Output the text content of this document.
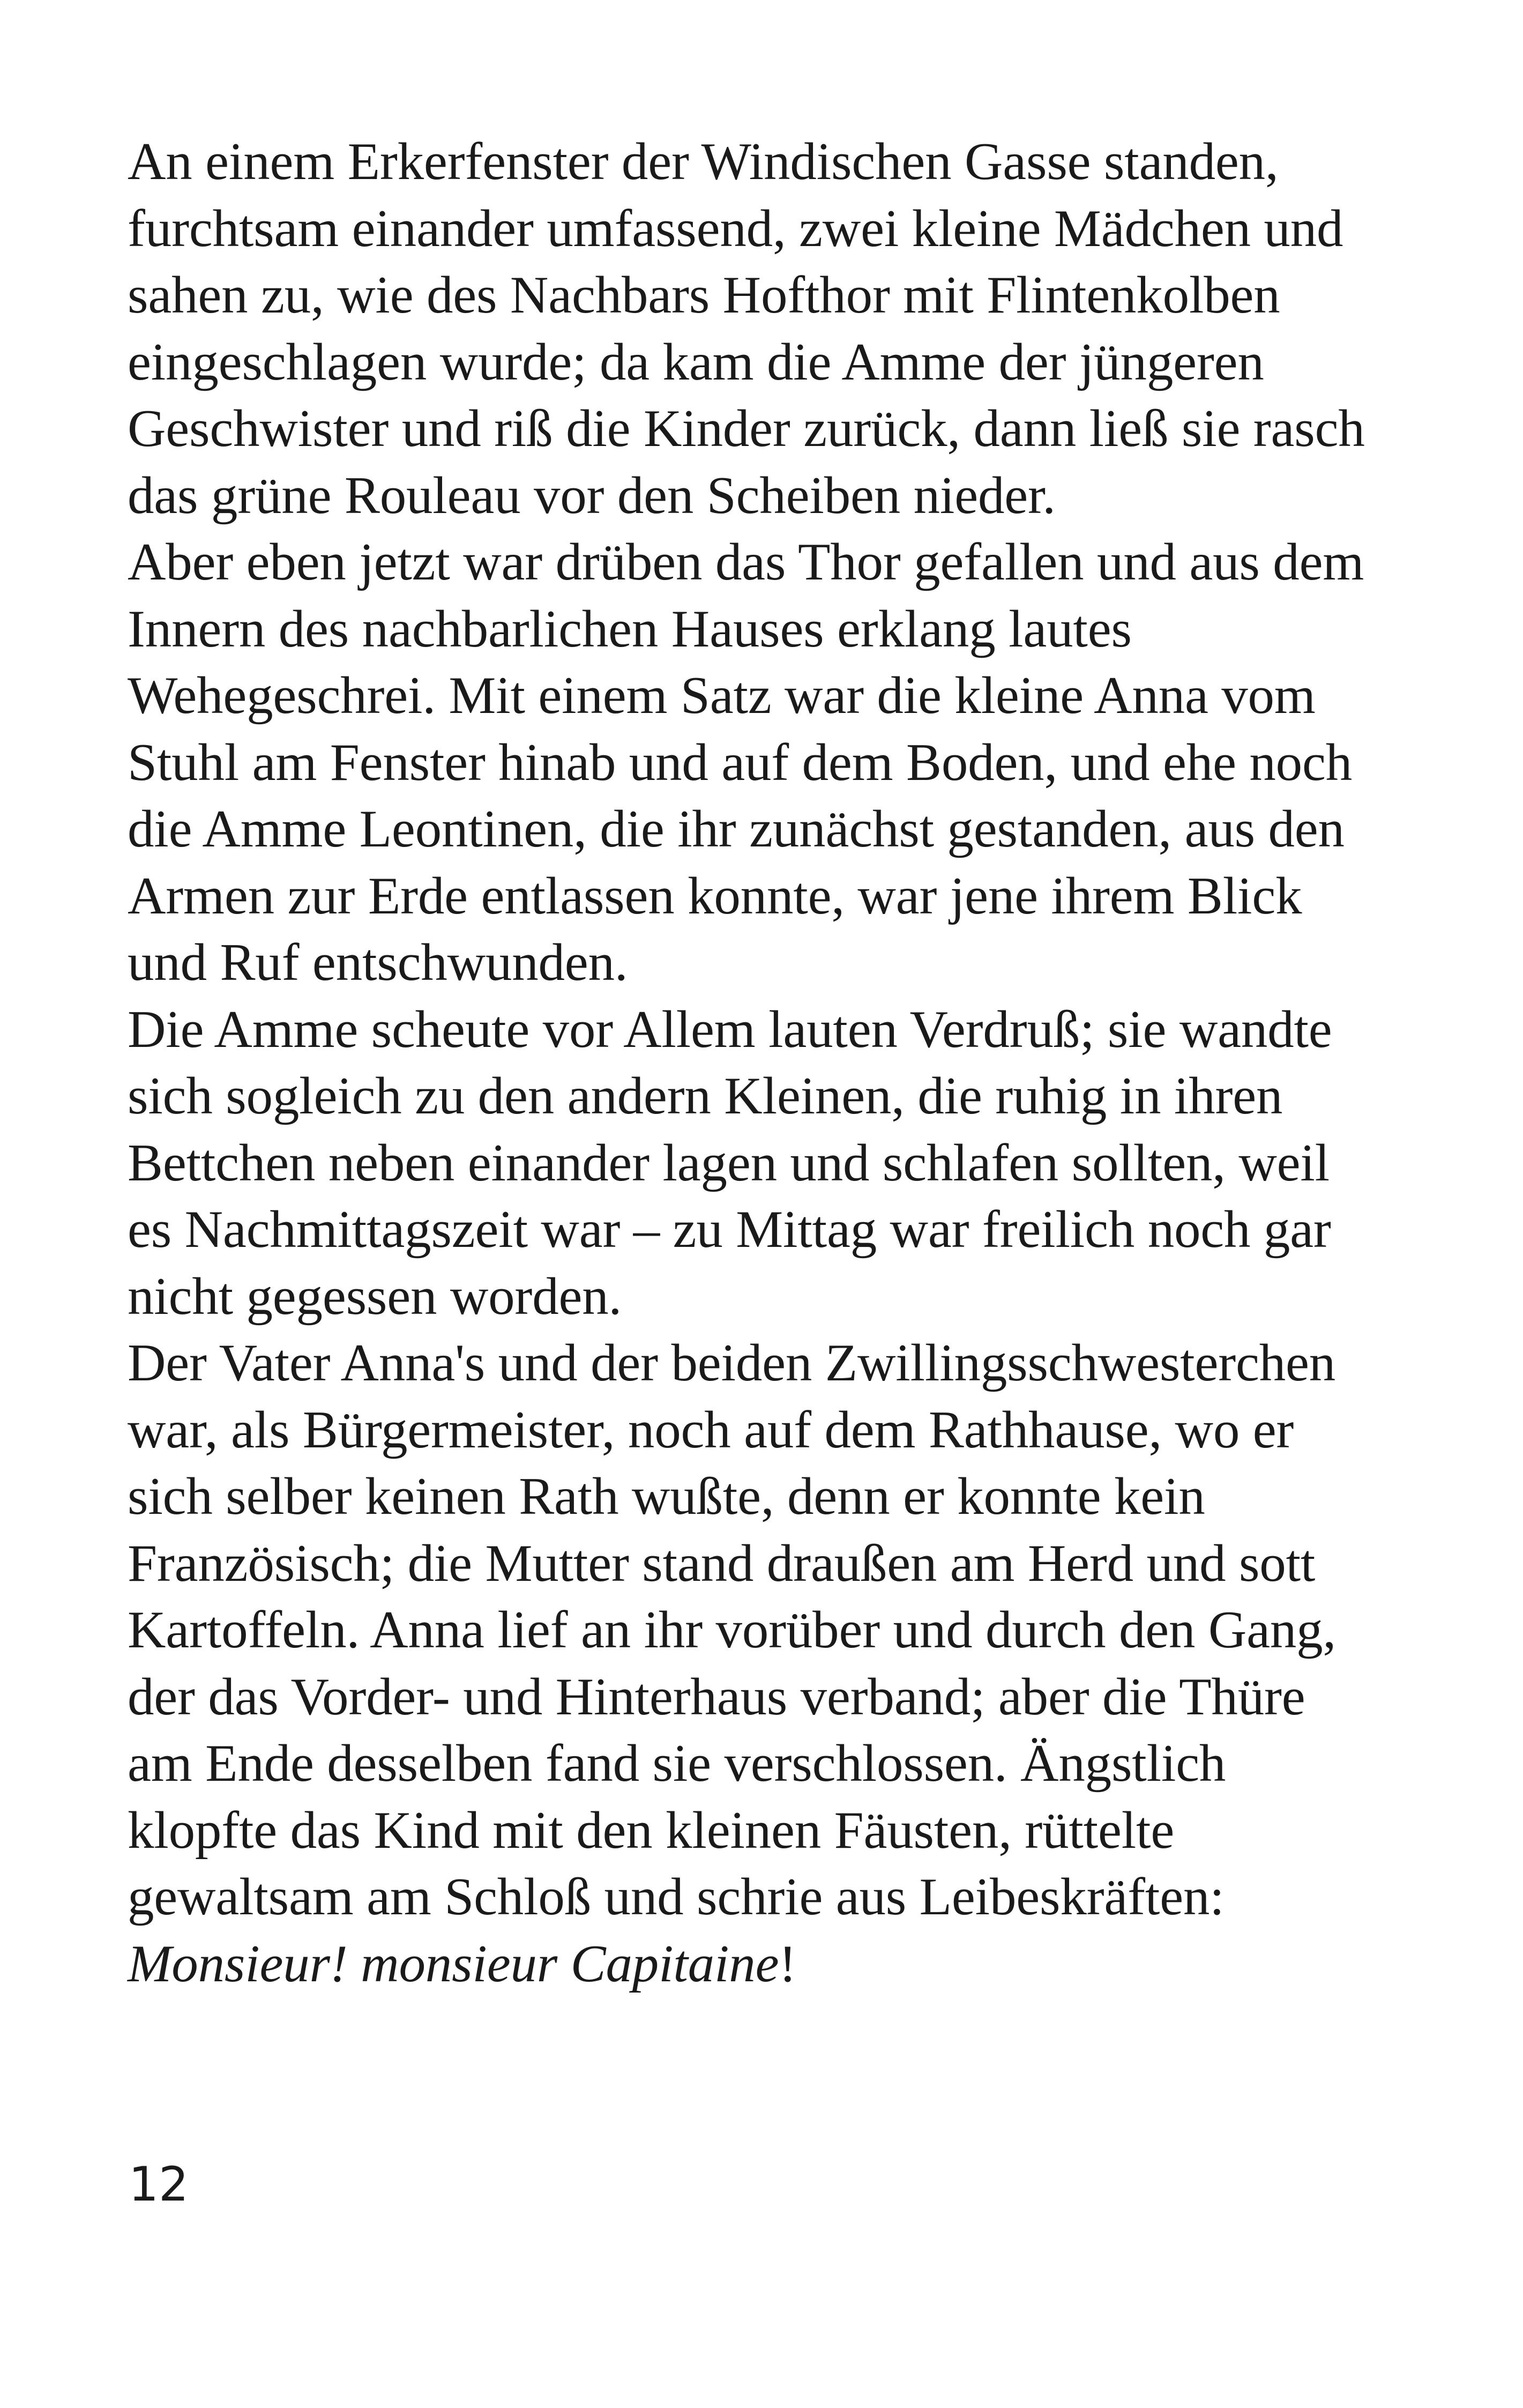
An einem Erkerfenster der Windischen Gasse standen,
furchtsam einander umfassend, zwei kleine Mädchen und
sahen zu, wie des Nachbars Hofthor mit Flintenkolben
eingeschlagen wurde; da kam die Amme der jüngeren
Geschwister und riß die Kinder zurück, dann ließ sie rasch
das grüne Rouleau vor den Scheiben nieder.
Aber eben jetzt war drüben das Thor gefallen und aus dem
Innern des nachbarlichen Hauses erklang lautes
Wehegeschrei. Mit einem Satz war die kleine Anna vom
Stuhl am Fenster hinab und auf dem Boden, und ehe noch
die Amme Leontinen, die ihr zunächst gestanden, aus den
Armen zur Erde entlassen konnte, war jene ihrem Blick
und Ruf entschwunden.
Die Amme scheute vor Allem lauten Verdruß; sie wandte
sich sogleich zu den andern Kleinen, die ruhig in ihren
Bettchen neben einander lagen und schlafen sollten, weil
es Nachmittagszeit war – zu Mittag war freilich noch gar
nicht gegessen worden.
Der Vater Anna's und der beiden Zwillingsschwesterchen
war, als Bürgermeister, noch auf dem Rathhause, wo er
sich selber keinen Rath wußte, denn er konnte kein
Französisch; die Mutter stand draußen am Herd und sott
Kartoffeln. Anna lief an ihr vorüber und durch den Gang,
der das Vorder- und Hinterhaus verband; aber die Thüre
am Ende desselben fand sie verschlossen. Ängstlich
klopfte das Kind mit den kleinen Fäusten, rüttelte
gewaltsam am Schloß und schrie aus Leibeskräften:
Monsieur! monsieur Capitaine!
12
